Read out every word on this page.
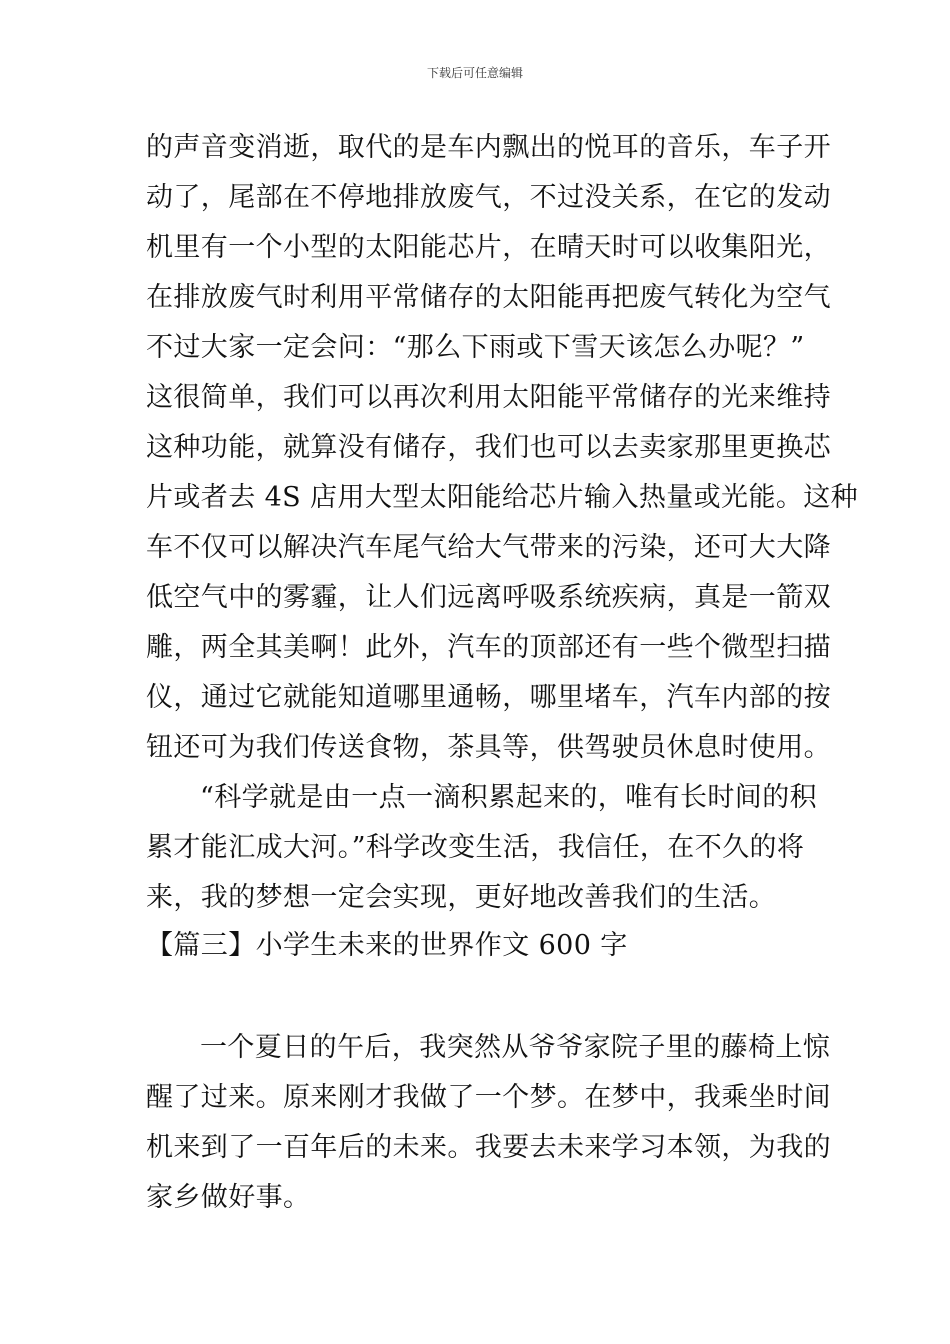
下载后可任意编辑
的声音变消逝，取代的是车内飘出的悦耳的音乐，车子开
动了，尾部在不停地排放废气，不过没关系，在它的发动
机里有一个小型的太阳能芯片，在晴天时可以收集阳光，
在排放废气时利用平常储存的太阳能再把废气转化为空气
不过大家一定会问：“那么下雨或下雪天该怎么办呢？”
这很简单，我们可以再次利用太阳能平常储存的光来维持
这种功能，就算没有储存，我们也可以去卖家那里更换芯
片或者去 4S 店用大型太阳能给芯片输入热量或光能。这种
车不仅可以解决汽车尾气给大气带来的污染，还可大大降
低空气中的雾霾，让人们远离呼吸系统疾病，真是一箭双
雕，两全其美啊！此外，汽车的顶部还有一些个微型扫描
仪，通过它就能知道哪里通畅，哪里堵车，汽车内部的按
钮还可为我们传送食物，茶具等，供驾驶员休息时使用。
“科学就是由一点一滴积累起来的，唯有长时间的积
累才能汇成大河。”科学改变生活，我信任，在不久的将
来，我的梦想一定会实现，更好地改善我们的生活。
【篇三】小学生未来的世界作文 600 字
一个夏日的午后，我突然从爷爷家院子里的藤椅上惊
醒了过来。原来刚才我做了一个梦。在梦中，我乘坐时间
机来到了一百年后的未来。我要去未来学习本领，为我的
家乡做好事。
